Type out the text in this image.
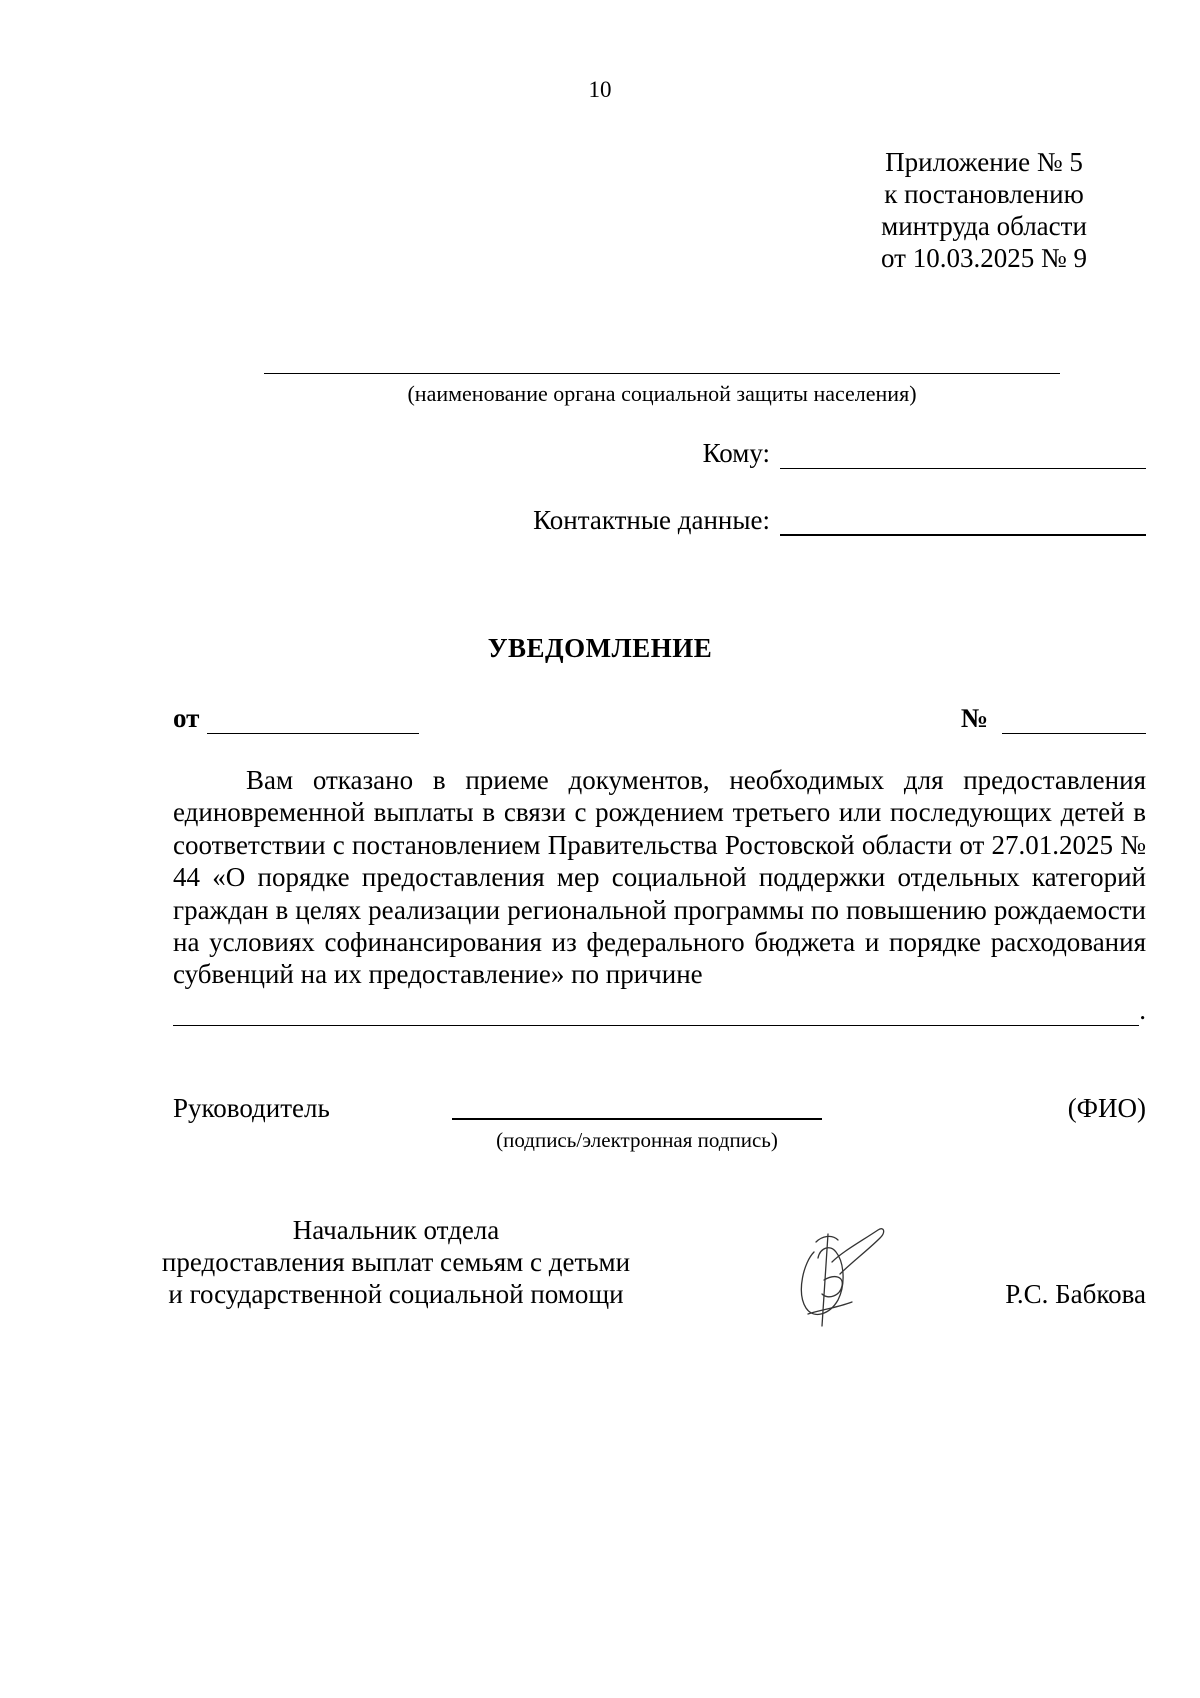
10
Приложение № 5
к постановлению
минтруда области
от 10.03.2025 № 9
(наименование органа социальной защиты населения)
Кому:
Контактные данные:
УВЕДОМЛЕНИЕ
от	№

Вам отказано в приеме документов, необходимых для предоставления единовременной выплаты в связи с рождением третьего или последующих детей в соответствии с постановлением Правительства Ростовской области от 27.01.2025 № 44 «О порядке предоставления мер социальной поддержки отдельных категорий граждан в целях реализации региональной программы по повышению рождаемости на условиях софинансирования из федерального бюджета и порядке расходования субвенций на их предоставление» по причине

.
Руководитель
(подпись/электронная подпись)
(ФИО)
Начальник отдела
предоставления выплат семьям с детьми
и государственной социальной помощи	Р.С. Бабкова
